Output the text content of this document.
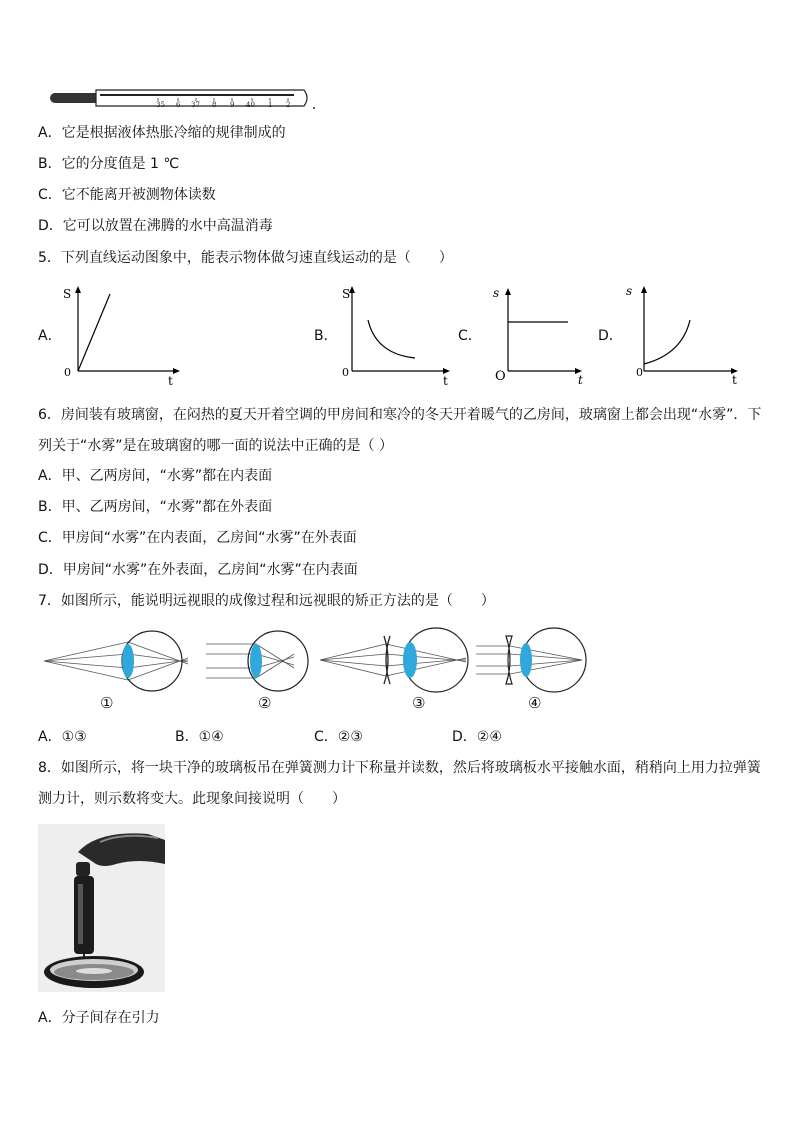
35 6 37 8 9 40 1 2
A．它是根据液体热胀冷缩的规律制成的
B．它的分度值是 1 ℃
C．它不能离开被测物体读数
D．它可以放置在沸腾的水中高温消毒
5．下列直线运动图象中，能表示物体做匀速直线运动的是（　　）
A．
S
0
t
B．
S
0
t
C．
s
O	t
D．
s
0
t
6．房间装有玻璃窗，在闷热的夏天开着空调的甲房间和寒冷的冬天开着暖气的乙房间，玻璃窗上都会出现“水雾”．下
列关于“水雾”是在玻璃窗的哪一面的说法中正确的是（ ）
A．甲、乙两房间，“水雾”都在内表面
B．甲、乙两房间，“水雾”都在外表面
C．甲房间“水雾”在内表面，乙房间“水雾”在外表面
D．甲房间“水雾”在外表面，乙房间“水雾”在内表面
7．如图所示，能说明远视眼的成像过程和远视眼的矫正方法的是（　　）
①	②	③	④
A．①③	B．①④	C．②③	D．②④
8．如图所示，将一块干净的玻璃板吊在弹簧测力计下称量并读数，然后将玻璃板水平接触水面，稍稍向上用力拉弹簧
测力计，则示数将变大。此现象间接说明（　　）
A．分子间存在引力
